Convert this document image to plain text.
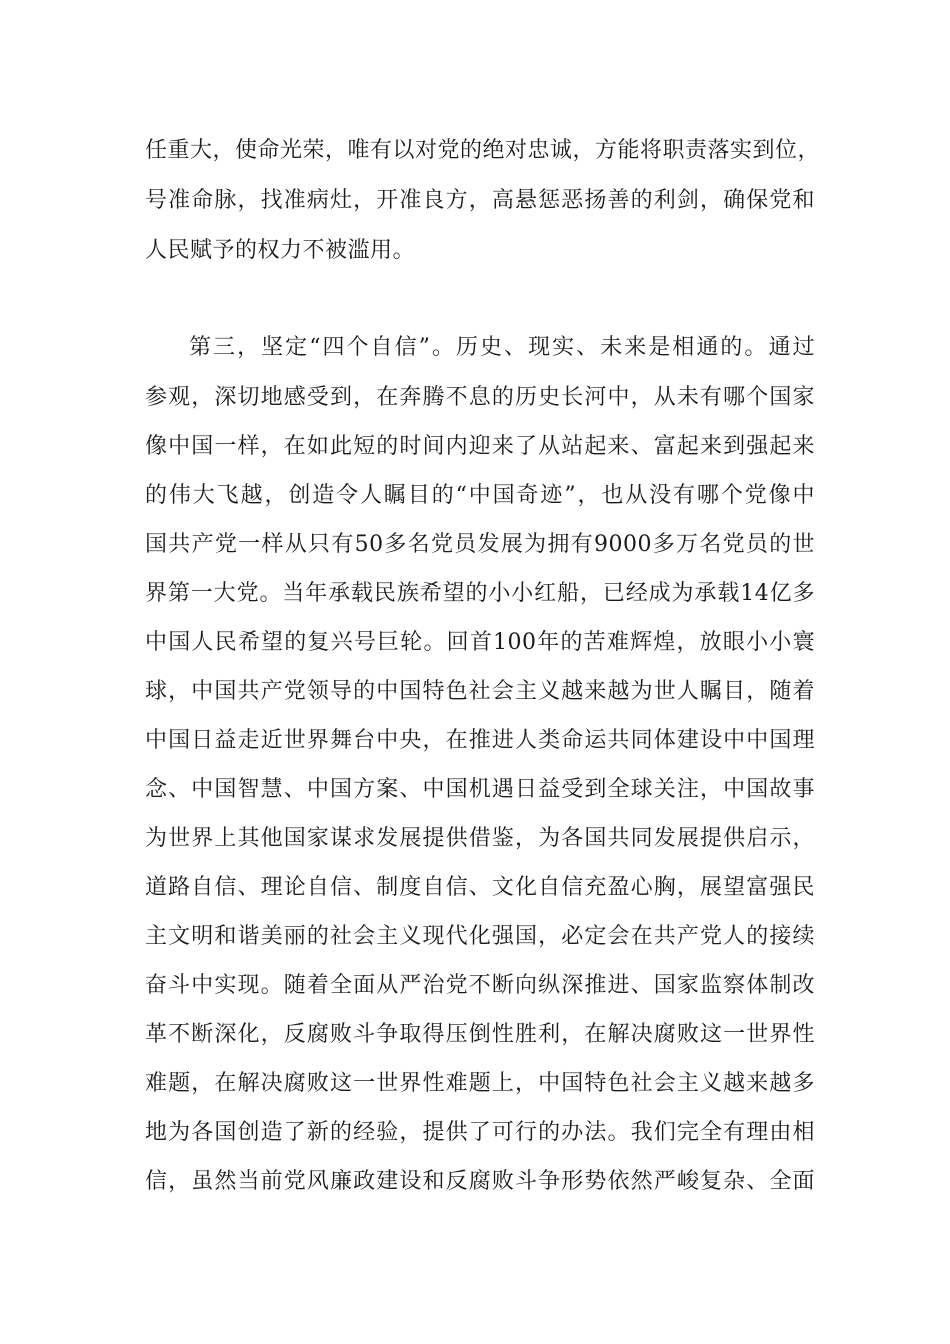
任重大，使命光荣，唯有以对党的绝对忠诚，方能将职责落实到位，
号准命脉，找准病灶，开准良方，高悬惩恶扬善的利剑，确保党和
人民赋予的权力不被滥用。
第三，坚定“四个自信”。历史、现实、未来是相通的。通过
参观，深切地感受到，在奔腾不息的历史长河中，从未有哪个国家
像中国一样，在如此短的时间内迎来了从站起来、富起来到强起来
的伟大飞越，创造令人瞩目的“中国奇迹”，也从没有哪个党像中
国共产党一样从只有50多名党员发展为拥有9000多万名党员的世
界第一大党。当年承载民族希望的小小红船，已经成为承载14亿多
中国人民希望的复兴号巨轮。回首100年的苦难辉煌，放眼小小寰
球，中国共产党领导的中国特色社会主义越来越为世人瞩目，随着
中国日益走近世界舞台中央，在推进人类命运共同体建设中中国理
念、中国智慧、中国方案、中国机遇日益受到全球关注，中国故事
为世界上其他国家谋求发展提供借鉴，为各国共同发展提供启示，
道路自信、理论自信、制度自信、文化自信充盈心胸，展望富强民
主文明和谐美丽的社会主义现代化强国，必定会在共产党人的接续
奋斗中实现。随着全面从严治党不断向纵深推进、国家监察体制改
革不断深化，反腐败斗争取得压倒性胜利，在解决腐败这一世界性
难题，在解决腐败这一世界性难题上，中国特色社会主义越来越多
地为各国创造了新的经验，提供了可行的办法。我们完全有理由相
信，虽然当前党风廉政建设和反腐败斗争形势依然严峻复杂、全面
